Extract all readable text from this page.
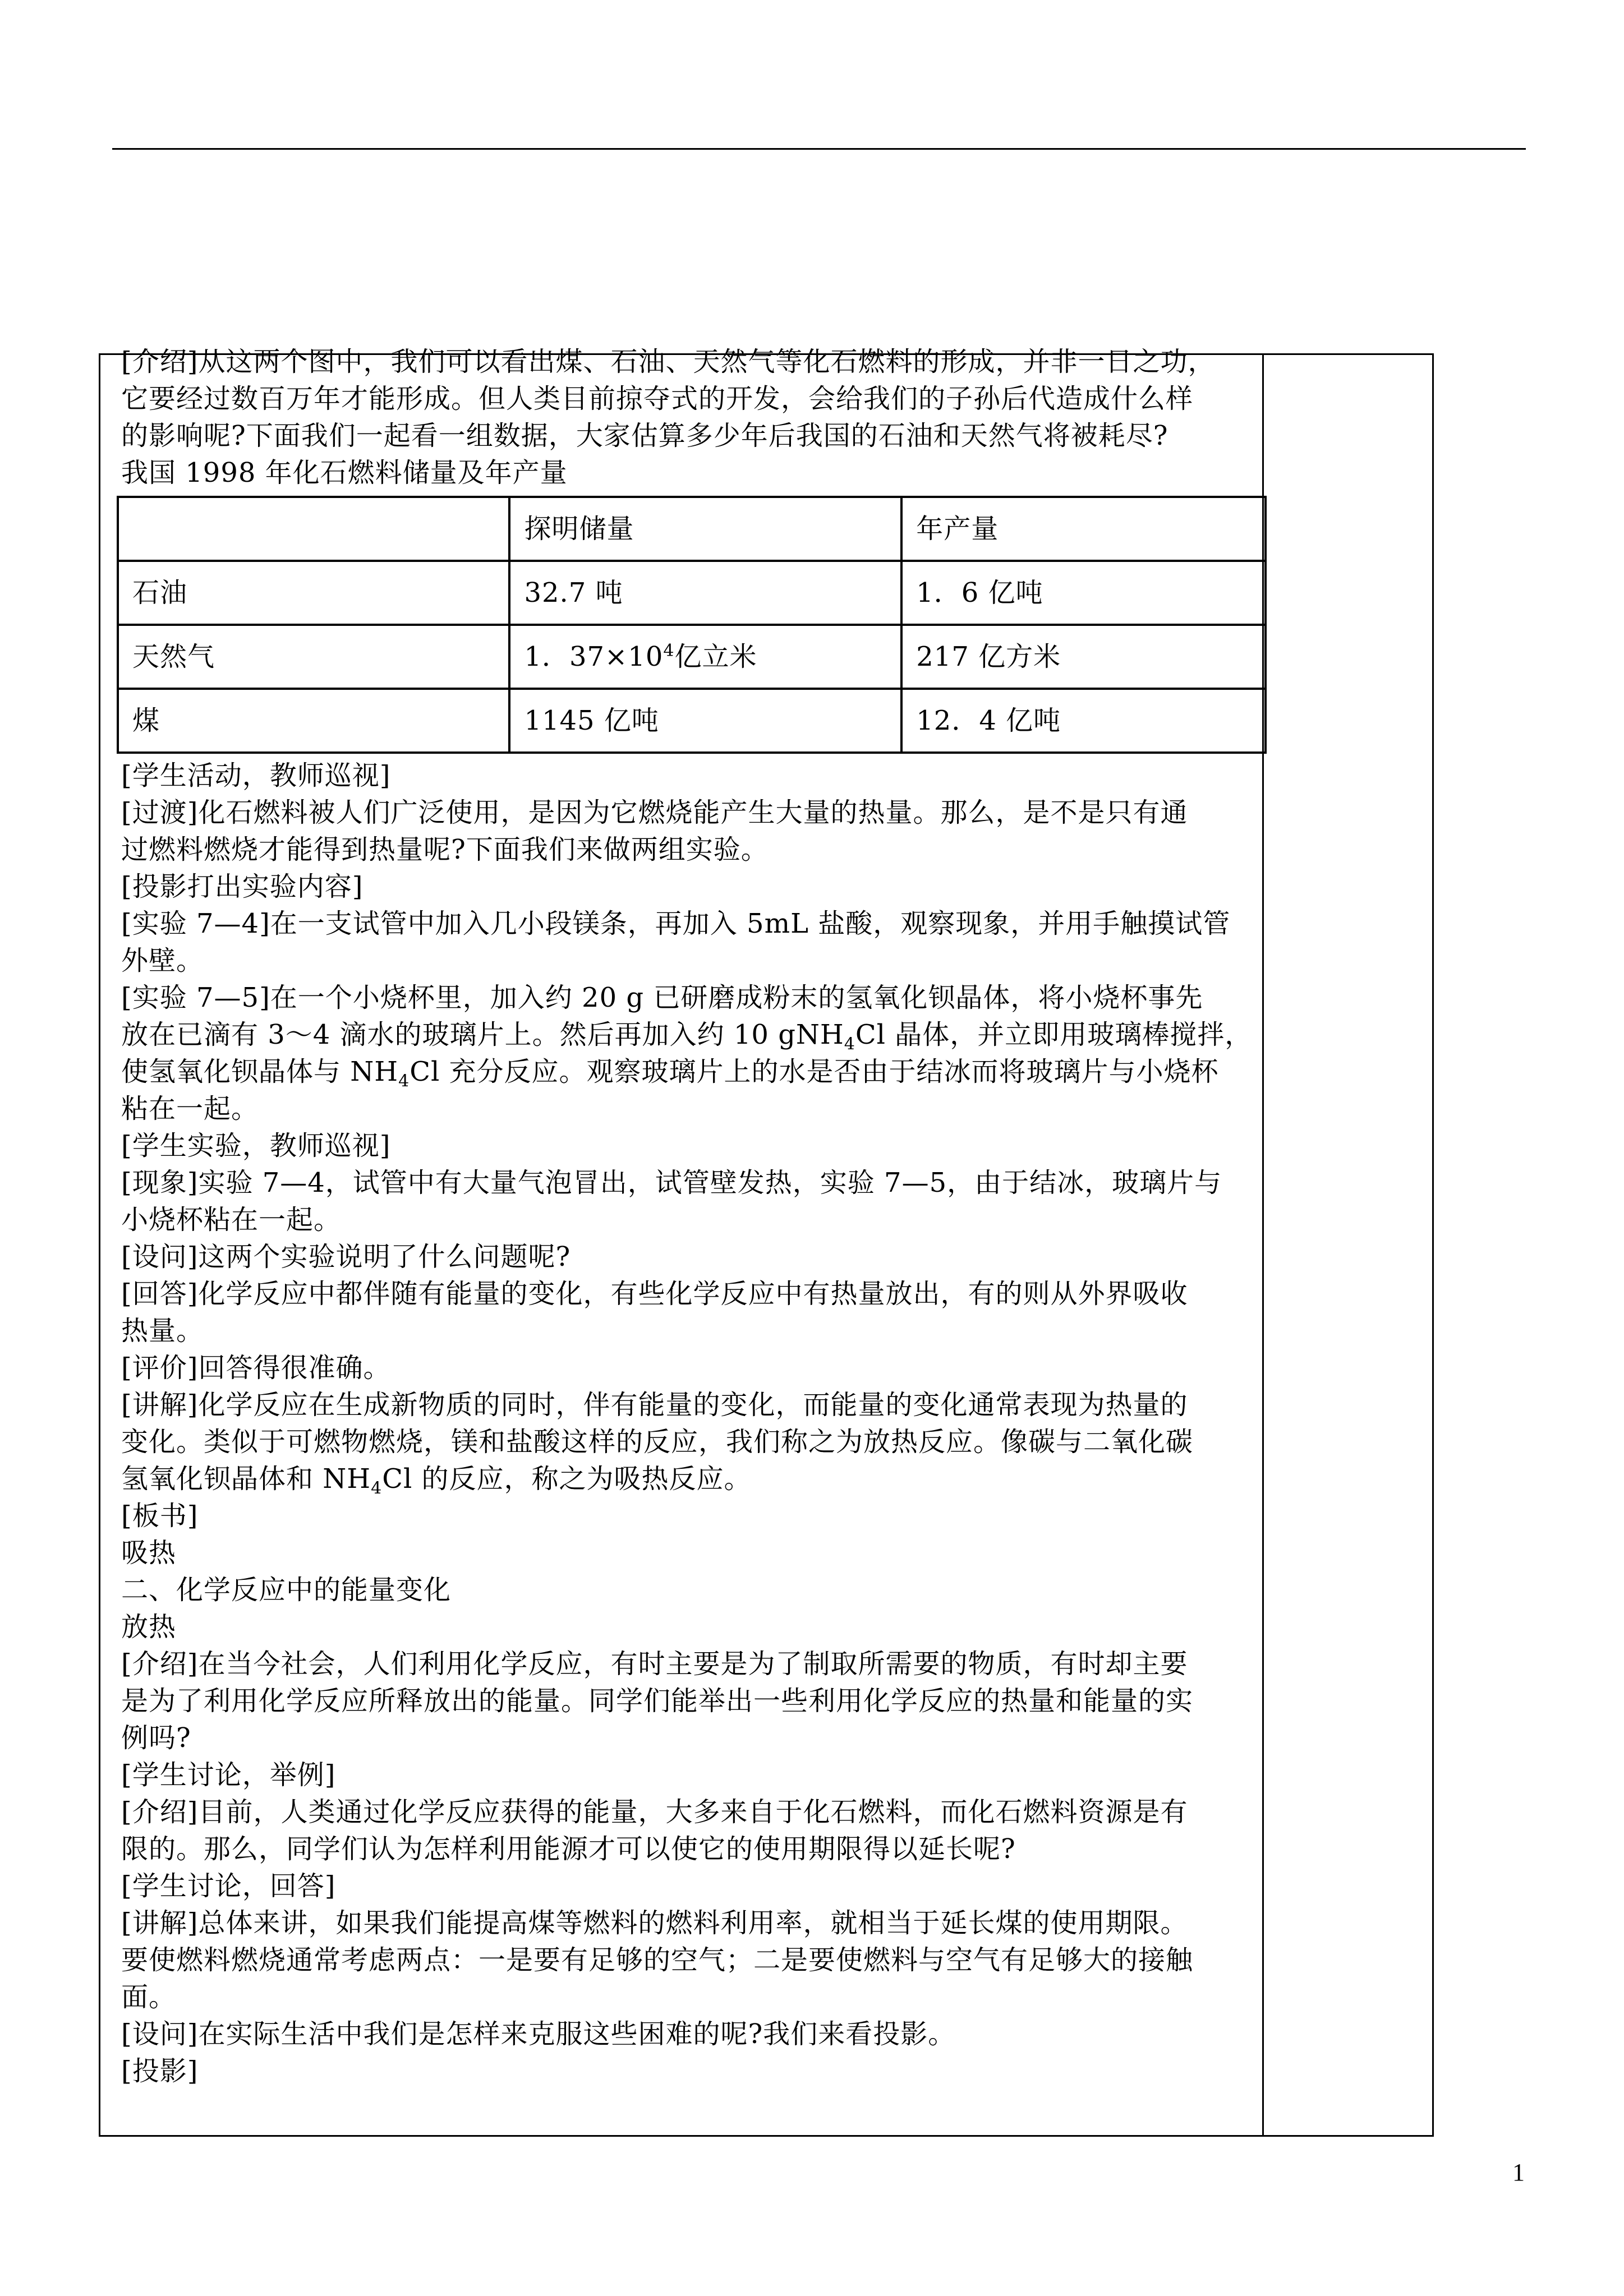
[介绍]从这两个图中，我们可以看出煤、石油、天然气等化石燃料的形成，并非一日之功，

它要经过数百万年才能形成。但人类目前掠夺式的开发，会给我们的子孙后代造成什么样

的影响呢?下面我们一起看一组数据，大家估算多少年后我国的石油和天然气将被耗尽?

我国 1998 年化石燃料储量及年产量

	探明储量	年产量
石油	32.7 吨	1．6 亿吨
天然气	1．$37\times 10^4$亿立米	217 亿方米
煤	1145 亿吨	12．4 亿吨

[学生活动，教师巡视]

[过渡]化石燃料被人们广泛使用，是因为它燃烧能产生大量的热量。那么，是不是只有通

过燃料燃烧才能得到热量呢?下面我们来做两组实验。

[投影打出实验内容]

[实验 7—4]在一支试管中加入几小段镁条，再加入 5mL 盐酸，观察现象，并用手触摸试管

外壁。

[实验 7—5]在一个小烧杯里，加入约 20 g 已研磨成粉末的氢氧化钡晶体，将小烧杯事先

放在已滴有 3～4 滴水的玻璃片上。然后再加入约 10 gNH$_4$Cl 晶体，并立即用玻璃棒搅拌，

使氢氧化钡晶体与 $NH_4Cl$ 充分反应。观察玻璃片上的水是否由于结冰而将玻璃片与小烧杯

粘在一起。

[学生实验，教师巡视]

[现象]实验 7—4，试管中有大量气泡冒出，试管壁发热，实验 7—5，由于结冰，玻璃片与

小烧杯粘在一起。

[设问]这两个实验说明了什么问题呢?

[回答]化学反应中都伴随有能量的变化，有些化学反应中有热量放出，有的则从外界吸收

热量。

[评价]回答得很准确。

[讲解]化学反应在生成新物质的同时，伴有能量的变化，而能量的变化通常表现为热量的

变化。类似于可燃物燃烧，镁和盐酸这样的反应，我们称之为放热反应。像碳与二氧化碳

氢氧化钡晶体和 $NH_4Cl$ 的反应，称之为吸热反应。

[板书]

吸热

二、化学反应中的能量变化

放热

[介绍]在当今社会，人们利用化学反应，有时主要是为了制取所需要的物质，有时却主要

是为了利用化学反应所释放出的能量。同学们能举出一些利用化学反应的热量和能量的实

例吗?

[学生讨论，举例]

[介绍]目前，人类通过化学反应获得的能量，大多来自于化石燃料，而化石燃料资源是有

限的。那么，同学们认为怎样利用能源才可以使它的使用期限得以延长呢?

[学生讨论，回答]

[讲解]总体来讲，如果我们能提高煤等燃料的燃料利用率，就相当于延长煤的使用期限。

要使燃料燃烧通常考虑两点：一是要有足够的空气；二是要使燃料与空气有足够大的接触

面。

[设问]在实际生活中我们是怎样来克服这些困难的呢?我们来看投影。

[投影]

1
